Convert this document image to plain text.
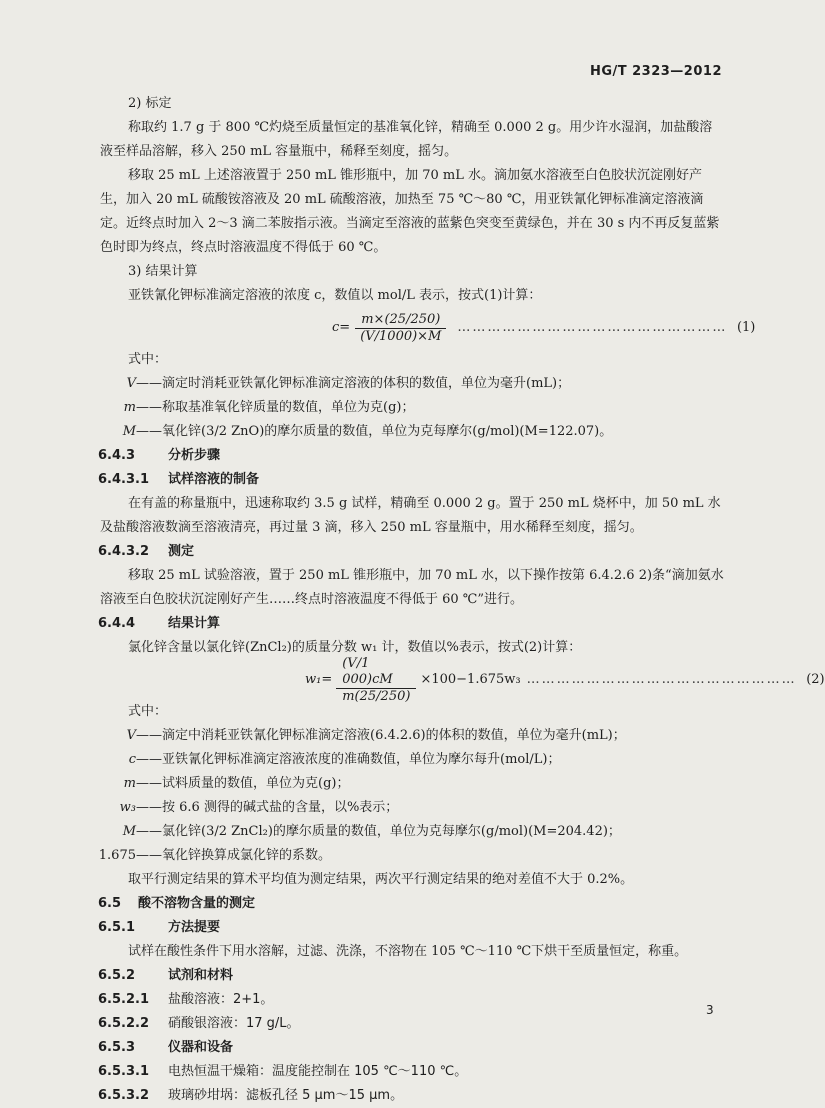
HG/T 2323—2012
2) 标定
称取约 1.7 g 于 800 ℃灼烧至质量恒定的基准氧化锌，精确至 0.000 2 g。用少许水湿润，加盐酸溶液至样品溶解，移入 250 mL 容量瓶中，稀释至刻度，摇匀。
移取 25 mL 上述溶液置于 250 mL 锥形瓶中，加 70 mL 水。滴加氨水溶液至白色胶状沉淀刚好产生，加入 20 mL 硫酸铵溶液及 20 mL 硫酸溶液，加热至 75 ℃～80 ℃，用亚铁氰化钾标准滴定溶液滴定。近终点时加入 2～3 滴二苯胺指示液。当滴定至溶液的蓝紫色突变至黄绿色，并在 30 s 内不再反复蓝紫色时即为终点，终点时溶液温度不得低于 60 ℃。
3) 结果计算
亚铁氰化钾标准滴定溶液的浓度 c，数值以 mol/L 表示，按式(1)计算：
$c= \frac{m\times(25/250)}{(V/1000)\times M}$ ……………………………………………… (1)
式中：
V ——滴定时消耗亚铁氰化钾标准滴定溶液的体积的数值，单位为毫升(mL)；
m ——称取基准氧化锌质量的数值，单位为克(g)；
M ——氧化锌(3/2 ZnO)的摩尔质量的数值，单位为克每摩尔(g/mol)(M=122.07)。
6.4.3	分析步骤
6.4.3.1 试样溶液的制备
在有盖的称量瓶中，迅速称取约 3.5 g 试样，精确至 0.000 2 g。置于 250 mL 烧杯中，加 50 mL 水及盐酸溶液数滴至溶液清亮，再过量 3 滴，移入 250 mL 容量瓶中，用水稀释至刻度，摇匀。
6.4.3.2 测定
移取 25 mL 试验溶液，置于 250 mL 锥形瓶中，加 70 mL 水，以下操作按第 6.4.2.6 2)条“滴加氨水溶液至白色胶状沉淀刚好产生……终点时溶液温度不得低于 60 ℃”进行。
6.4.4	结果计算
氯化锌含量以氯化锌(ZnCl₂)的质量分数 w₁ 计，数值以%表示，按式(2)计算：
$w_1= \frac{(V/1 000)cM}{m(25/250)} \times 100-1.675w_3$ ……………………………………………… (2)
式中：
V ——滴定中消耗亚铁氰化钾标准滴定溶液(6.4.2.6)的体积的数值，单位为毫升(mL)；
c ——亚铁氰化钾标准滴定溶液浓度的准确数值，单位为摩尔每升(mol/L)；
m ——试料质量的数值，单位为克(g)；
w₃ ——按 6.6 测得的碱式盐的含量，以%表示；
M ——氯化锌(3/2 ZnCl₂)的摩尔质量的数值，单位为克每摩尔(g/mol)(M=204.42)；
1.675 ——氧化锌换算成氯化锌的系数。
取平行测定结果的算术平均值为测定结果，两次平行测定结果的绝对差值不大于 0.2%。
6.5 酸不溶物含量的测定
6.5.1	方法提要
试样在酸性条件下用水溶解，过滤、洗涤，不溶物在 105 ℃～110 ℃下烘干至质量恒定，称重。
6.5.2	试剂和材料
6.5.2.1 盐酸溶液：2+1。
6.5.2.2 硝酸银溶液：17 g/L。
6.5.3	仪器和设备
6.5.3.1 电热恒温干燥箱：温度能控制在 105 ℃～110 ℃。
6.5.3.2 玻璃砂坩埚：滤板孔径 5 μm～15 μm。
3
